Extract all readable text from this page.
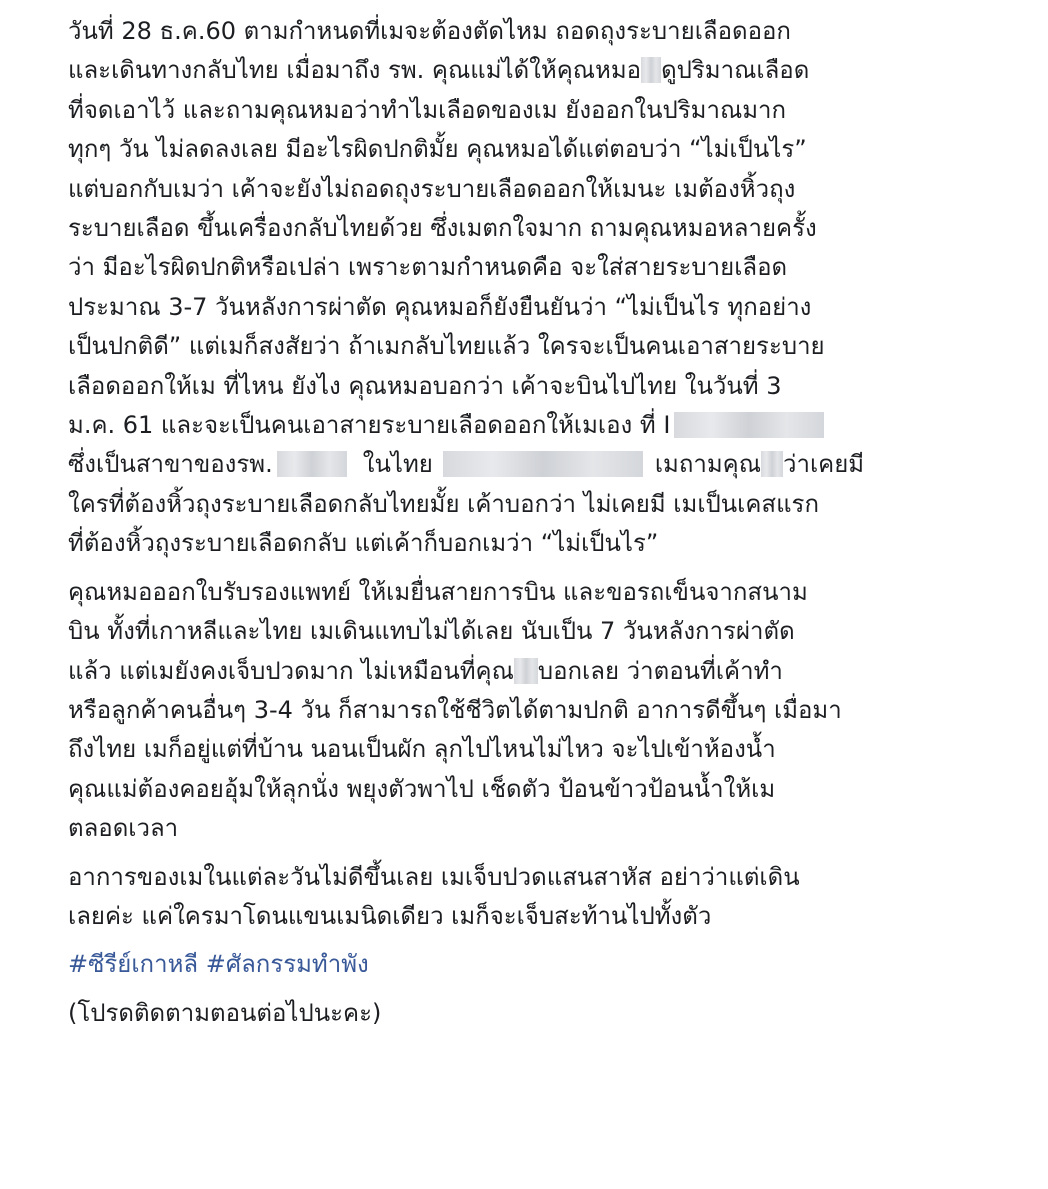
วันที่ 28 ธ.ค.60 ตามกำหนดที่เมจะต้องตัดไหม ถอดถุงระบายเลือดออก
และเดินทางกลับไทย เมื่อมาถึง รพ. คุณแม่ได้ให้คุณหมอ ดูปริมาณเลือด
ที่จดเอาไว้ และถามคุณหมอว่าทำไมเลือดของเม ยังออกในปริมาณมาก
ทุกๆ วัน ไม่ลดลงเลย มีอะไรผิดปกติมั้ย คุณหมอได้แต่ตอบว่า “ไม่เป็นไร”
แต่บอกกับเมว่า เค้าจะยังไม่ถอดถุงระบายเลือดออกให้เมนะ เมต้องหิ้วถุง
ระบายเลือด ขึ้นเครื่องกลับไทยด้วย ซึ่งเมตกใจมาก ถามคุณหมอหลายครั้ง
ว่า มีอะไรผิดปกติหรือเปล่า เพราะตามกำหนดคือ จะใส่สายระบายเลือด
ประมาณ 3-7 วันหลังการผ่าตัด คุณหมอก็ยังยืนยันว่า “ไม่เป็นไร ทุกอย่าง
เป็นปกติดี” แต่เมก็สงสัยว่า ถ้าเมกลับไทยแล้ว ใครจะเป็นคนเอาสายระบาย
เลือดออกให้เม ที่ไหน ยังไง คุณหมอบอกว่า เค้าจะบินไปไทย ในวันที่ 3
ม.ค. 61 และจะเป็นคนเอาสายระบายเลือดออกให้เมเอง ที่ I
ซึ่งเป็นสาขาของรพ.	ในไทย	เมถามคุณ ว่าเคยมี
ใครที่ต้องหิ้วถุงระบายเลือดกลับไทยมั้ย เค้าบอกว่า ไม่เคยมี เมเป็นเคสแรก
ที่ต้องหิ้วถุงระบายเลือดกลับ แต่เค้าก็บอกเมว่า “ไม่เป็นไร”

คุณหมอออกใบรับรองแพทย์ ให้เมยื่นสายการบิน และขอรถเข็นจากสนาม
บิน ทั้งที่เกาหลีและไทย เมเดินแทบไม่ได้เลย นับเป็น 7 วันหลังการผ่าตัด
แล้ว แต่เมยังคงเจ็บปวดมาก ไม่เหมือนที่คุณ บอกเลย ว่าตอนที่เค้าทำ
หรือลูกค้าคนอื่นๆ 3-4 วัน ก็สามารถใช้ชีวิตได้ตามปกติ อาการดีขึ้นๆ เมื่อมา
ถึงไทย เมก็อยู่แต่ที่บ้าน นอนเป็นผัก ลุกไปไหนไม่ไหว จะไปเข้าห้องน้ำ
คุณแม่ต้องคอยอุ้มให้ลุกนั่ง พยุงตัวพาไป เช็ดตัว ป้อนข้าวป้อนน้ำให้เม
ตลอดเวลา

อาการของเมในแต่ละวันไม่ดีขึ้นเลย เมเจ็บปวดแสนสาหัส อย่าว่าแต่เดิน
เลยค่ะ แค่ใครมาโดนแขนเมนิดเดียว เมก็จะเจ็บสะท้านไปทั้งตัว

#ซีรีย์เกาหลี #ศัลกรรมทำพัง

(โปรดติดตามตอนต่อไปนะคะ)
